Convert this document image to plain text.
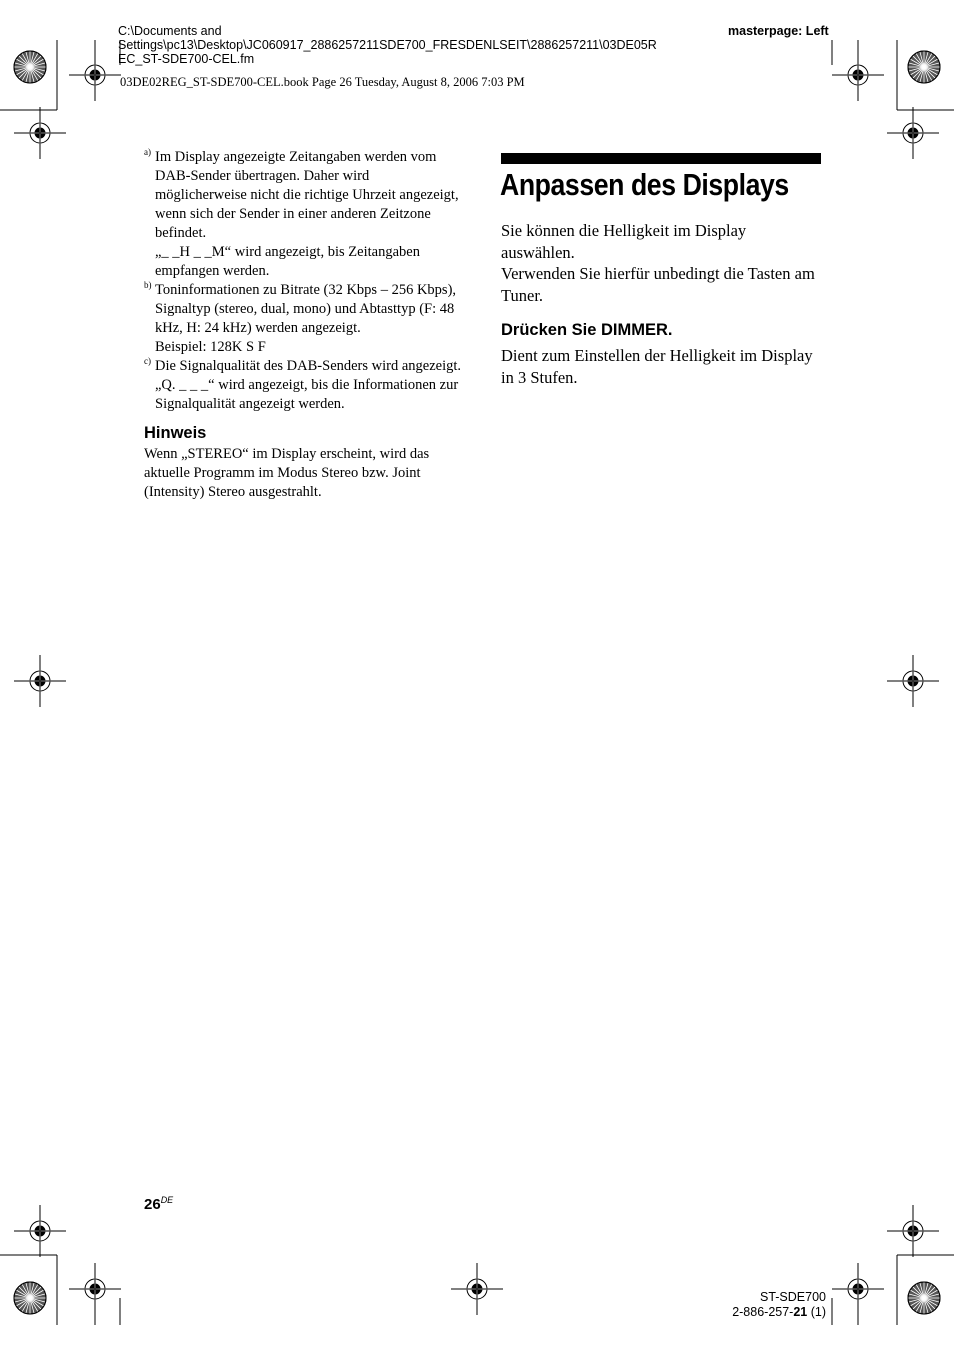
C:\Documents and
Settings\pc13\Desktop\JC060917_2886257211SDE700_FRESDENLSEIT\2886257211\03DE05R
EC_ST-SDE700-CEL.fm
masterpage: Left
03DE02REG_ST-SDE700-CEL.book Page 26 Tuesday, August 8, 2006 7:03 PM
a) Im Display angezeigte Zeitangaben werden vom DAB-Sender übertragen. Daher wird möglicherweise nicht die richtige Uhrzeit angezeigt, wenn sich der Sender in einer anderen Zeitzone befindet.

„_ _H _ _M“ wird angezeigt, bis Zeitangaben empfangen werden.

b) Toninformationen zu Bitrate (32 Kbps – 256 Kbps), Signaltyp (stereo, dual, mono) und Abtasttyp (F: 48 kHz, H: 24 kHz) werden angezeigt.

Beispiel: 128K S F

c) Die Signalqualität des DAB-Senders wird angezeigt.

„Q. _ _ _“ wird angezeigt, bis die Informationen zur Signalqualität angezeigt werden.

Hinweis

Wenn „STEREO“ im Display erscheint, wird das aktuelle Programm im Modus Stereo bzw. Joint (Intensity) Stereo ausgestrahlt.

Anpassen des Displays

Sie können die Helligkeit im Display auswählen.

Verwenden Sie hierfür unbedingt die Tasten am Tuner.

Drücken Sie DIMMER.

Dient zum Einstellen der Helligkeit im Display in 3 Stufen.

26DE
ST-SDE700
2-886-257-21 (1)
